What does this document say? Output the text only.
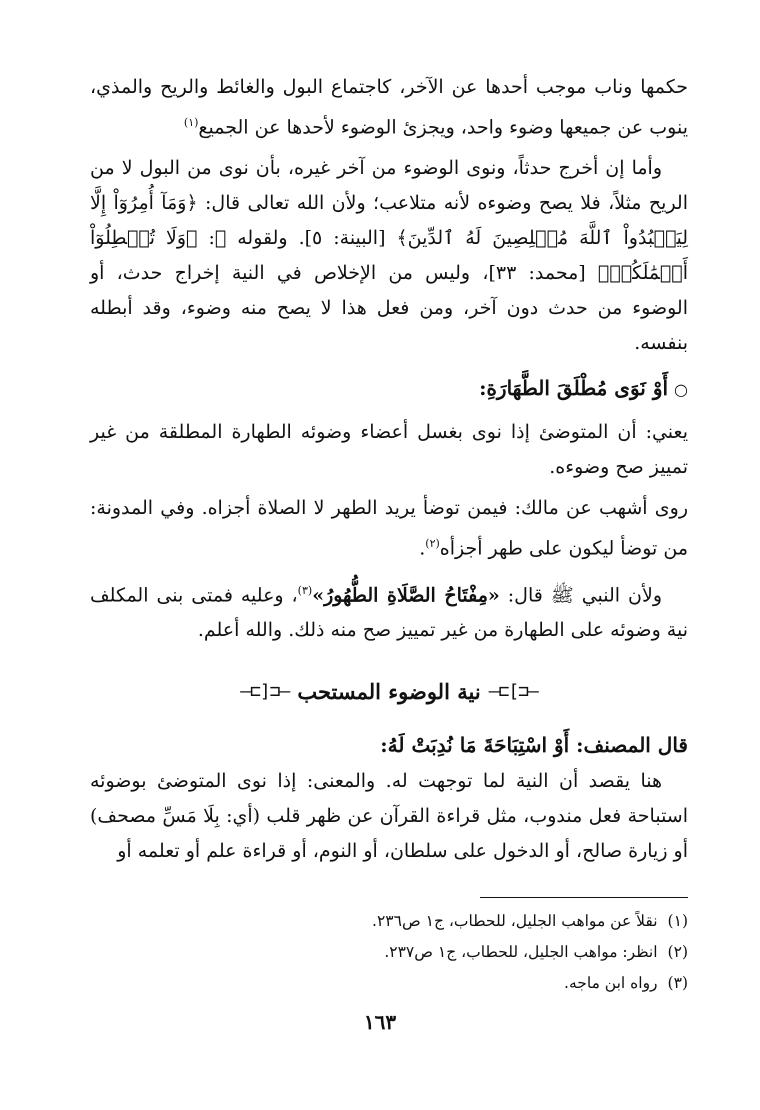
حكمها وناب موجب أحدها عن الآخر، كاجتماع البول والغائط والريح والمذي، ينوب عن جميعها وضوء واحد، ويجزئ الوضوء لأحدها عن الجميع$^{(١)}$

وأما إن أخرج حدثاً، ونوى الوضوء من آخر غيره، بأن نوى من البول لا من الريح مثلاً، فلا يصح وضوءه لأنه متلاعب؛ ولأن الله تعالى قال: ﴿وَمَآ أُمِرُوٓاْ إِلَّا لِيَعۡبُدُواْ ٱللَّهَ مُخۡلِصِينَ لَهُ ٱلدِّينَ﴾ [البينة: ٥]. ولقوله ﷺ: ﴿وَلَا تُبۡطِلُوٓاْ أَعۡمَٰلَكُمۡ﴾ [محمد: ٣٣]، وليس من الإخلاص في النية إخراج حدث، أو الوضوء من حدث دون آخر، ومن فعل هذا لا يصح منه وضوء، وقد أبطله بنفسه.

○أَوْ نَوَى مُطْلَقَ الطَّهَارَةِ:

يعني: أن المتوضئ إذا نوى بغسل أعضاء وضوئه الطهارة المطلقة من غير تمييز صح وضوءه.

روى أشهب عن مالك: فيمن توضأ يريد الطهر لا الصلاة أجزاه. وفي المدونة: من توضأ ليكون على طهر أجزأه$^{(٢)}$.

ولأن النبي ﷺ قال: «مِفْتَاحُ الصَّلَاةِ الطُّهُورُ»$^{(٣)}$، وعليه فمتى بنى المكلف نية وضوئه على الطهارة من غير تمييز صح منه ذلك. والله أعلم.

—⊏]⊐—
نية الوضوء المستحب
—⊏[⊐—

قال المصنف: أَوْ اسْتِبَاحَةَ مَا نُدِبَتْ لَهُ:

هنا يقصد أن النية لما توجهت له. والمعنى: إذا نوى المتوضئ بوضوئه استباحة فعل مندوب، مثل قراءة القرآن عن ظهر قلب (أي: بِلَا مَسِّ مصحف) أو زيارة صالح، أو الدخول على سلطان، أو النوم، أو قراءة علم أو تعلمه أو

(١)نقلاً عن مواهب الجليل، للحطاب، ج١ ص٢٣٦.
(٢)انظر: مواهب الجليل، للحطاب، ج١ ص٢٣٧.
(٣)رواه ابن ماجه.
١٦٣
